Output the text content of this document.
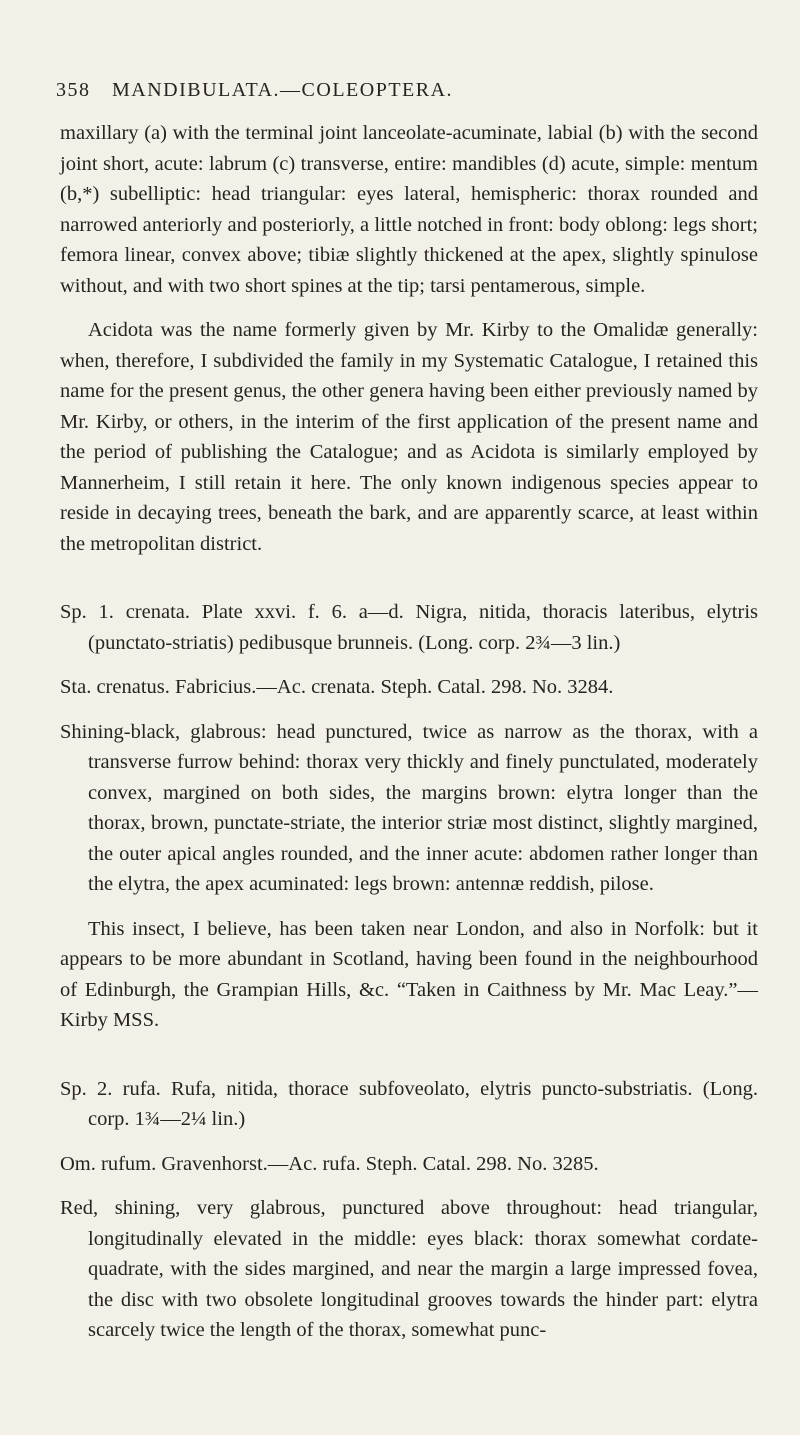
358 MANDIBULATA.—COLEOPTERA.

maxillary (a) with the terminal joint lanceolate-acuminate, labial (b) with the second joint short, acute: labrum (c) transverse, entire: mandibles (d) acute, simple: mentum (b,*) subelliptic: head triangular: eyes lateral, hemispheric: thorax rounded and narrowed anteriorly and posteriorly, a little notched in front: body oblong: legs short; femora linear, convex above; tibiæ slightly thickened at the apex, slightly spinulose without, and with two short spines at the tip; tarsi pentamerous, simple.

Acidota was the name formerly given by Mr. Kirby to the Omalidæ generally: when, therefore, I subdivided the family in my Systematic Catalogue, I retained this name for the present genus, the other genera having been either previously named by Mr. Kirby, or others, in the interim of the first application of the present name and the period of publishing the Catalogue; and as Acidota is similarly employed by Mannerheim, I still retain it here. The only known indigenous species appear to reside in decaying trees, beneath the bark, and are apparently scarce, at least within the metropolitan district.

Sp. 1. crenata. Plate xxvi. f. 6. a—d. Nigra, nitida, thoracis lateribus, elytris (punctato-striatis) pedibusque brunneis. (Long. corp. 2¾—3 lin.)

Sta. crenatus. Fabricius.—Ac. crenata. Steph. Catal. 298. No. 3284.

Shining-black, glabrous: head punctured, twice as narrow as the thorax, with a transverse furrow behind: thorax very thickly and finely punctulated, moderately convex, margined on both sides, the margins brown: elytra longer than the thorax, brown, punctate-striate, the interior striæ most distinct, slightly margined, the outer apical angles rounded, and the inner acute: abdomen rather longer than the elytra, the apex acuminated: legs brown: antennæ reddish, pilose.

This insect, I believe, has been taken near London, and also in Norfolk: but it appears to be more abundant in Scotland, having been found in the neighbourhood of Edinburgh, the Grampian Hills, &c. “Taken in Caithness by Mr. Mac Leay.”—Kirby MSS.

Sp. 2. rufa. Rufa, nitida, thorace subfoveolato, elytris puncto-substriatis. (Long. corp. 1¾—2¼ lin.)

Om. rufum. Gravenhorst.—Ac. rufa. Steph. Catal. 298. No. 3285.

Red, shining, very glabrous, punctured above throughout: head triangular, longitudinally elevated in the middle: eyes black: thorax somewhat cordate-quadrate, with the sides margined, and near the margin a large impressed fovea, the disc with two obsolete longitudinal grooves towards the hinder part: elytra scarcely twice the length of the thorax, somewhat punc-
